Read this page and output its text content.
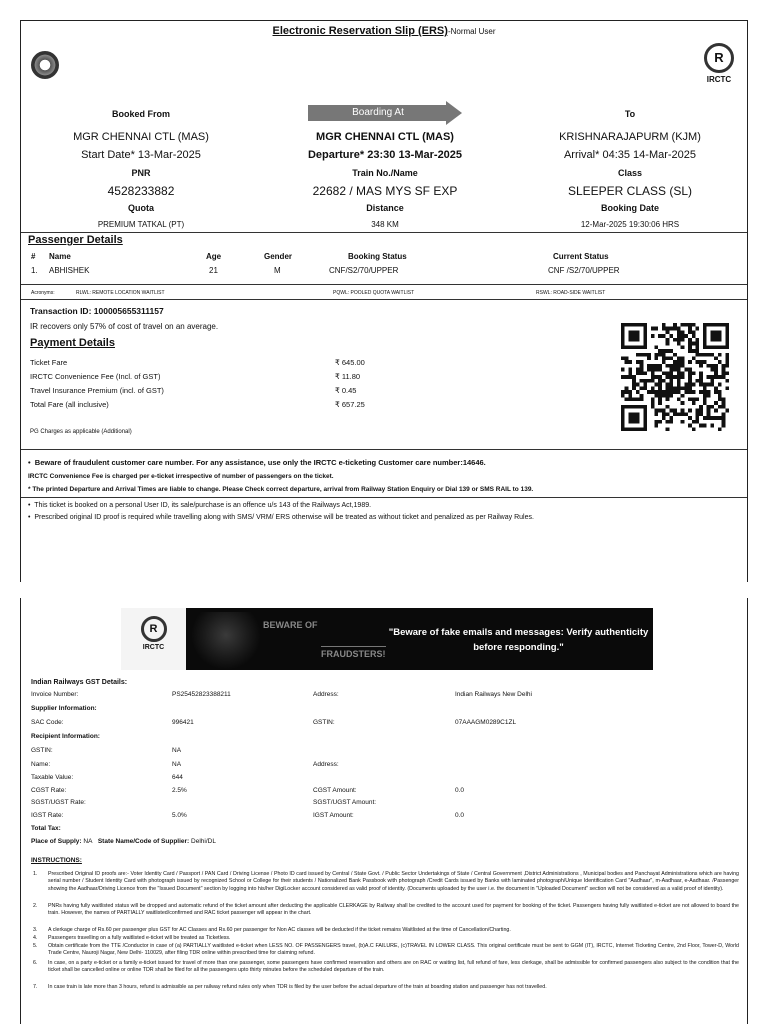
Electronic Reservation Slip (ERS)-Normal User
R
IRCTC
Booked From	Boarding At	To
MGR CHENNAI CTL (MAS)	MGR CHENNAI CTL (MAS)	KRISHNARAJAPURM (KJM)
Start Date* 13-Mar-2025	Departure* 23:30 13-Mar-2025	Arrival* 04:35 14-Mar-2025
PNR	Train No./Name	Class
4528233882	22682 / MAS MYS SF EXP	SLEEPER CLASS (SL)
Quota	Distance	Booking Date
PREMIUM TATKAL (PT)	348 KM	12-Mar-2025 19:30:06 HRS
Passenger Details
# Name	Age	Gender	Booking Status	Current Status
1. ABHISHEK	21	M	CNF/S2/70/UPPER	CNF /S2/70/UPPER
Acronyms:	RLWL: REMOTE LOCATION WAITLIST	PQWL: POOLED QUOTA WAITLIST	RSWL: ROAD-SIDE WAITLIST
Transaction ID: 100005655311157
IR recovers only 57% of cost of travel on an average.
Payment Details
Ticket Fare	₹ 645.00
IRCTC Convenience Fee (Incl. of GST)	₹ 11.80
Travel Insurance Premium (incl. of GST)	₹ 0.45
Total Fare (all inclusive)	₹ 657.25
PG Charges as applicable (Additional)
•  Beware of fraudulent customer care number. For any assistance, use only the IRCTC e-ticketing Customer care number:14646.
IRCTC Convenience Fee is charged per e-ticket irrespective of number of passengers on the ticket.
* The printed Departure and Arrival Times are liable to change. Please Check correct departure, arrival from Railway Station Enquiry or Dial 139 or SMS RAIL to 139.
•  This ticket is booked on a personal User ID, its sale/purchase is an offence u/s 143 of the Railways Act,1989.
•  Prescribed original ID proof is required while travelling along with SMS/ VRM/ ERS otherwise will be treated as without ticket and penalized as per Railway Rules.
R
IRCTC
BEWARE OF
FRAUDSTERS!
"Beware of fake emails and messages: Verify authenticity before responding."
Indian Railways GST Details:
Invoice Number:	PS25452823388211	Address:	Indian Railways New Delhi
Supplier Information:
SAC Code:	996421	GSTIN:	07AAAGM0289C1ZL
Recipient Information:
GSTIN:	NA
Name:	NA	Address:
Taxable Value:	644
CGST Rate:	2.5%	CGST Amount:	0.0
SGST/UGST Rate:	SGST/UGST Amount:
IGST Rate:	5.0%	IGST Amount:	0.0
Total Tax:
Place of Supply: NA State Name/Code of Supplier: Delhi/DL
INSTRUCTIONS:
1. Prescribed Original ID proofs are:- Voter Identity Card / Passport / PAN Card / Driving License / Photo ID card issued by Central / State Govt. / Public Sector Undertakings of State / Central Government ,District Administrations , Municipal bodies and Panchayat Administrations which are having serial number / Student Identity Card with photograph issued by recognized School or College for their students / Nationalized Bank Passbook with photograph /Credit Cards issued by Banks with laminated photograph/Unique Identification Card "Aadhaar", m-Aadhaar, e-Aadhaar. /Passenger showing the Aadhaar/Driving Licence from the "Issued Document" section by logging into his/her DigiLocker account considered as valid proof of identity. (Documents uploaded by the user i.e. the document in "Uploaded Document" section will not be considered as a valid proof of identity).
2. PNRs having fully waitlisted status will be dropped and automatic refund of the ticket amount after deducting the applicable CLERKAGE by Railway shall be credited to the account used for payment for booking of the ticket. Passengers having fully waitlisted e-ticket are not allowed to board the train. However, the names of PARTIALLY waitlisted/confirmed and RAC ticket passenger will appear in the chart.
3. A clerkage charge of Rs.60 per passenger plus GST for AC Classes and Rs.60 per passenger for Non AC classes will be deducted if the ticket remains Waitlisted at the time of Cancellation/Charting.
4. Passengers travelling on a fully waitlisted e-ticket will be treated as Ticketless.
5. Obtain certificate from the TTE /Conductor in case of (a) PARTIALLY waitlisted e-ticket when LESS NO. OF PASSENGERS travel, (b)A.C FAILURE, (c)TRAVEL IN LOWER CLASS. This original certificate must be sent to GGM (IT), IRCTC, Internet Ticketing Centre, 2nd Floor, Tower-D, World Trade Centre, Nauroji Nagar, New Delhi- 110029, after filing TDR online within prescribed time for claiming refund.
6. In case, on a party e-ticket or a family e-ticket issued for travel of more than one passenger, some passengers have confirmed reservation and others are on RAC or waiting list, full refund of fare, less clerkage, shall be admissible for confirmed passengers also subject to the condition that the ticket shall be cancelled online or online TDR shall be filed for all the passengers upto thirty minutes before the scheduled departure of the train.
7. In case train is late more than 3 hours, refund is admissible as per railway refund rules only when TDR is filed by the user before the actual departure of the train at boarding station and passenger has not travelled.
